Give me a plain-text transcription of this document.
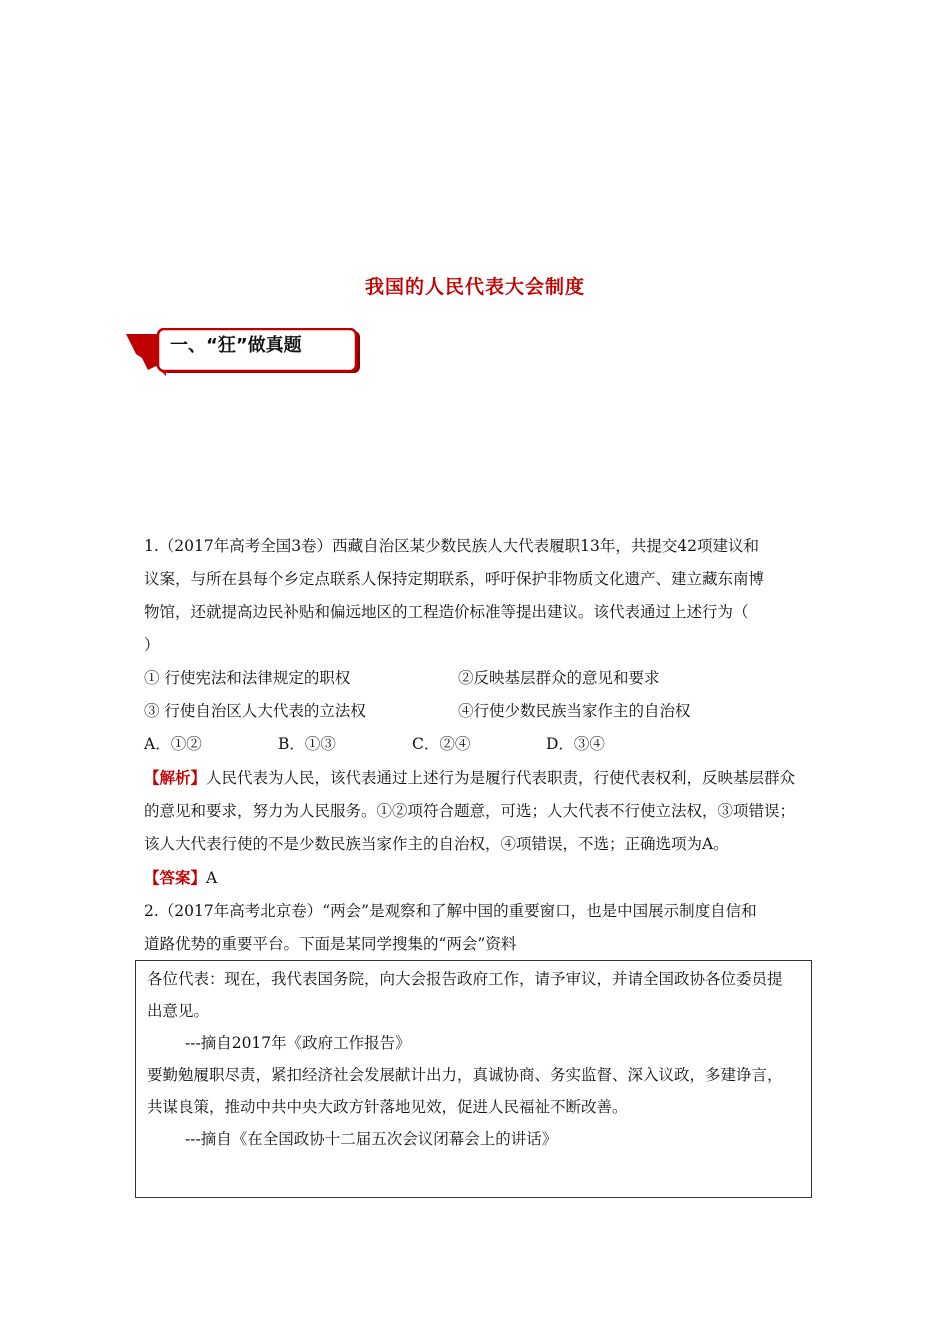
我国的人民代表大会制度
一、“狂”做真题

1.（2017年高考全国3卷）西藏自治区某少数民族人大代表履职13年，共提交42项建议和

议案，与所在县每个乡定点联系人保持定期联系，呼吁保护非物质文化遗产、建立藏东南博

物馆，还就提高边民补贴和偏远地区的工程造价标准等提出建议。该代表通过上述行为（

）

① 行使宪法和法律规定的职权	②反映基层群众的意见和要求
③ 行使自治区人大代表的立法权	④行使少数民族当家作主的自治权
A．①②	B．①③	C．②④	D．③④

【解析】人民代表为人民，该代表通过上述行为是履行代表职责，行使代表权利，反映基层群众

的意见和要求，努力为人民服务。①②项符合题意，可选；人大代表不行使立法权，③项错误；

该人大代表行使的不是少数民族当家作主的自治权，④项错误，不选；正确选项为A。

【答案】A

2.（2017年高考北京卷）“两会”是观察和了解中国的重要窗口，也是中国展示制度自信和

道路优势的重要平台。下面是某同学搜集的“两会”资料

各位代表：现在，我代表国务院，向大会报告政府工作，请予审议，并请全国政协各位委员提
出意见。
---摘自2017年《政府工作报告》
要勤勉履职尽责，紧扣经济社会发展献计出力，真诚协商、务实监督、深入议政，多建诤言，
共谋良策，推动中共中央大政方针落地见效，促进人民福祉不断改善。
---摘自《在全国政协十二届五次会议闭幕会上的讲话》
